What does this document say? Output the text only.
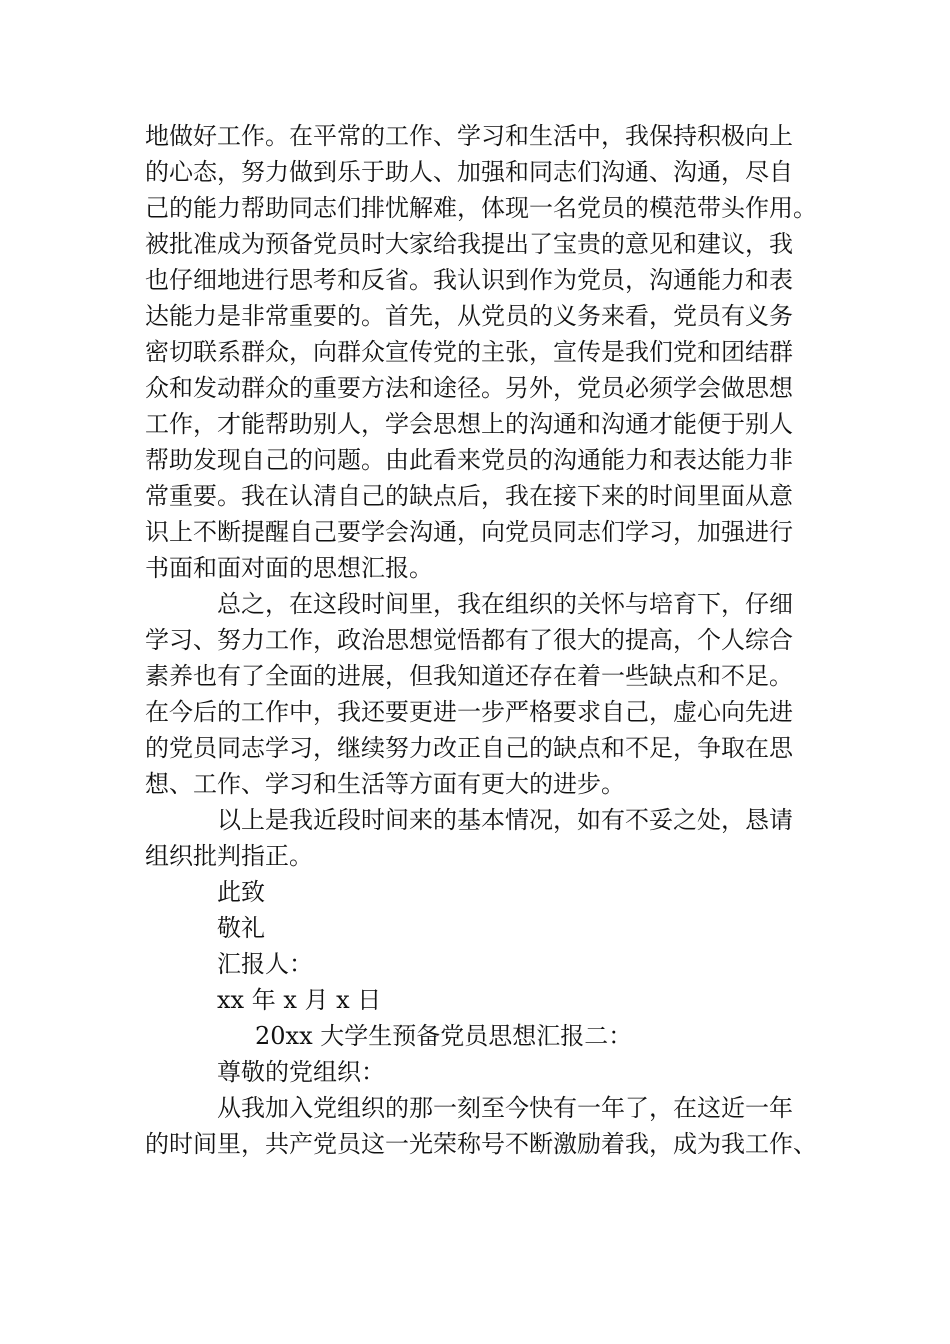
地做好工作。在平常的工作、学习和生活中，我保持积极向上
的心态，努力做到乐于助人、加强和同志们沟通、沟通，尽自
己的能力帮助同志们排忧解难，体现一名党员的模范带头作用。
被批准成为预备党员时大家给我提出了宝贵的意见和建议，我
也仔细地进行思考和反省。我认识到作为党员，沟通能力和表
达能力是非常重要的。首先，从党员的义务来看，党员有义务
密切联系群众，向群众宣传党的主张，宣传是我们党和团结群
众和发动群众的重要方法和途径。另外，党员必须学会做思想
工作，才能帮助别人，学会思想上的沟通和沟通才能便于别人
帮助发现自己的问题。由此看来党员的沟通能力和表达能力非
常重要。我在认清自己的缺点后，我在接下来的时间里面从意
识上不断提醒自己要学会沟通，向党员同志们学习，加强进行
书面和面对面的思想汇报。
总之，在这段时间里，我在组织的关怀与培育下，仔细
学习、努力工作，政治思想觉悟都有了很大的提高，个人综合
素养也有了全面的进展，但我知道还存在着一些缺点和不足。
在今后的工作中，我还要更进一步严格要求自己，虚心向先进
的党员同志学习，继续努力改正自己的缺点和不足，争取在思
想、工作、学习和生活等方面有更大的进步。
以上是我近段时间来的基本情况，如有不妥之处，恳请
组织批判指正。
此致
敬礼
汇报人：
xx 年 x 月 x 日
20xx 大学生预备党员思想汇报二：
尊敬的党组织：
从我加入党组织的那一刻至今快有一年了，在这近一年
的时间里，共产党员这一光荣称号不断激励着我，成为我工作、
